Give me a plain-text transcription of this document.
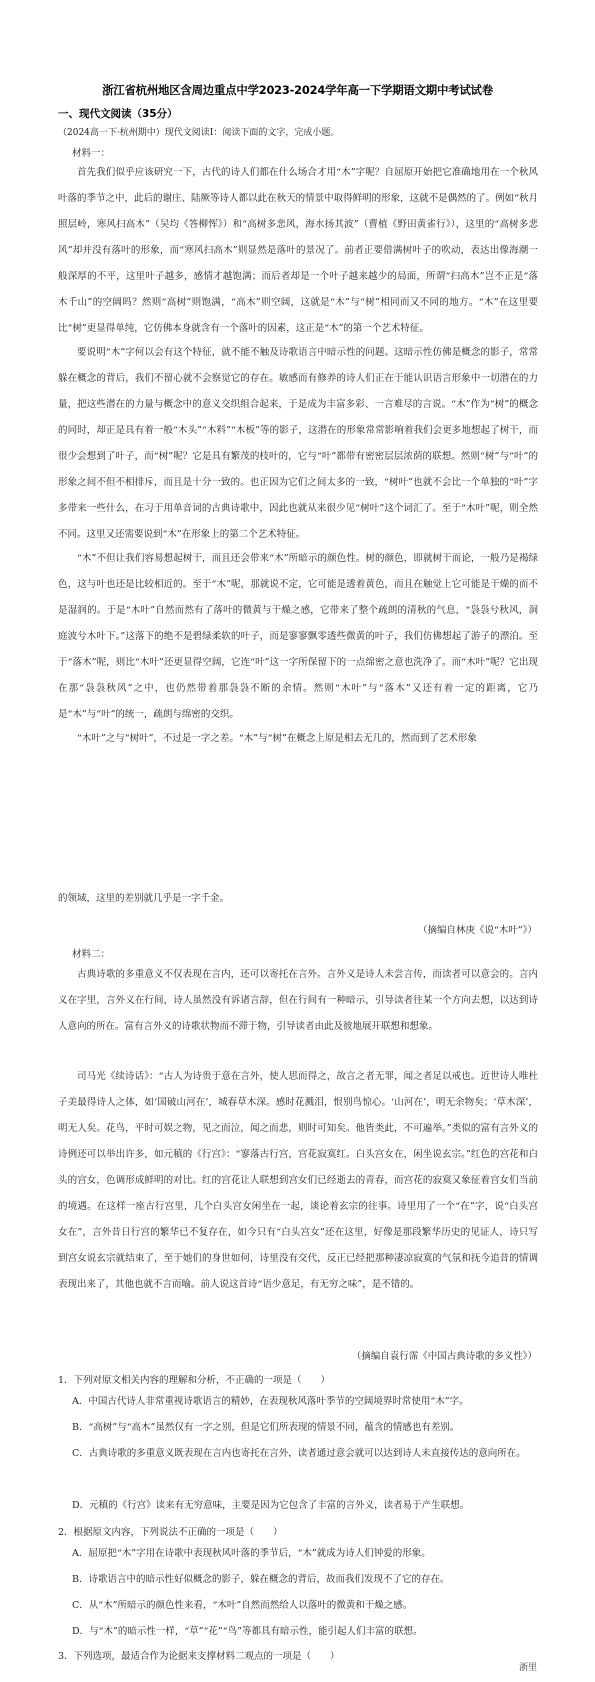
浙江省杭州地区含周边重点中学2023-2024学年高一下学期语文期中考试试卷
一、现代文阅读（35分）
（2024高一下·杭州期中）现代文阅读Ⅰ：阅读下面的文字，完成小题。
材料一：

首先我们似乎应该研究一下，古代的诗人们都在什么场合才用“木”字呢？自屈原开始把它准确地用在一个秋风叶落的季节之中，此后的谢庄、陆厥等诗人都以此在秋天的情景中取得鲜明的形象，这就不是偶然的了。例如“秋月照层岭，寒风扫高木”（吴均《答柳恽》）和“高树多悲风，海水扬其波”（曹植《野田黄雀行》），这里的“高树多悲风”却并没有落叶的形象，而“寒风扫高木”则显然是落叶的景况了。前者正要借满树叶子的吹动，表达出像海潮一般深厚的不平，这里叶子越多，感情才越饱满；而后者却是一个叶子越来越少的局面，所谓“扫高木”岂不正是“落木千山”的空阔吗？然则“高树”则饱满，“高木”则空阔，这就是“木”与“树”相同而又不同的地方。“木”在这里要比“树”更显得单纯，它仿佛本身就含有一个落叶的因素，这正是“木”的第一个艺术特征。

要说明“木”字何以会有这个特征，就不能不触及诗歌语言中暗示性的问题。这暗示性仿佛是概念的影子，常常躲在概念的背后，我们不留心就不会察觉它的存在。敏感而有修养的诗人们正在于能认识语言形象中一切潜在的力量，把这些潜在的力量与概念中的意义交织组合起来，于是成为丰富多彩、一言难尽的言说。“木”作为“树”的概念的同时，却正是具有着一般“木头”“木料”“木板”等的影子，这潜在的形象常常影响着我们会更多地想起了树干，而很少会想到了叶子，而“树”呢？它是具有繁茂的枝叶的，它与“叶”都带有密密层层浓荫的联想。然则“树”与“叶”的形象之间不但不相排斥，而且是十分一致的。也正因为它们之间太多的一致，“树叶”也就不会比一个单独的“叶”字多带来一些什么，在习于用单音词的古典诗歌中，因此也就从来很少见“树叶”这个词汇了。至于“木叶”呢，则全然不同。这里又还需要说到“木”在形象上的第二个艺术特征。

“木”不但让我们容易想起树干，而且还会带来“木”所暗示的颜色性。树的颜色，即就树干而论，一般乃是褐绿色，这与叶也还是比较相近的。至于“木”呢，那就说不定，它可能是透着黄色，而且在触觉上它可能是干燥的而不是湿润的。于是“木叶”自然而然有了落叶的微黄与干燥之感，它带来了整个疏朗的清秋的气息，“袅袅兮秋风，洞庭波兮木叶下。”这落下的绝不是碧绿柔软的叶子，而是寥寥飘零透些微黄的叶子，我们仿佛想起了游子的漂泊。至于“落木”呢，则比“木叶”还更显得空阔，它连“叶”这一字所保留下的一点绵密之意也洗净了。而“木叶”呢？它出现在那“袅袅秋风”之中，也仍然带着那袅袅不断的余情。然则“木叶”与“落木”又还有着一定的距离，它乃是“木”与“叶”的统一，疏朗与绵密的交织。

“木叶”之与“树叶”，不过是一字之差。“木”与“树”在概念上原是相去无几的，然而到了艺术形象

的领域，这里的差别就几乎是一字千金。

（摘编自林庚《说“木叶”》）
材料二：

古典诗歌的多重意义不仅表现在言内，还可以寄托在言外。言外义是诗人未尝言传，而读者可以意会的。言内义在字里，言外义在行间，诗人虽然没有诉诸言辞，但在行间有一种暗示，引导读者往某一个方向去想，以达到诗人意向的所在。富有言外义的诗歌状物而不滞于物，引导读者由此及彼地展开联想和想象。

司马光《续诗话》：“古人为诗贵于意在言外，使人思而得之，故言之者无罪，闻之者足以戒也。近世诗人唯杜子美最得诗人之体，如‘国破山河在’，城春草木深。感时花溅泪，恨别鸟惊心。‘山河在’，明无余物矣；‘草木深’，明无人矣。花鸟，平时可娱之物，见之而泣，闻之而悲，则时可知矣。他皆类此，不可遍举。”类似的富有言外义的诗例还可以举出许多，如元稹的《行宫》：“寥落古行宫，宫花寂寞红。白头宫女在，闲坐说玄宗。”红色的宫花和白头的宫女，色调形成鲜明的对比。红的宫花让人联想到宫女们已经逝去的青春，而宫花的寂寞又象征着宫女们当前的境遇。在这样一座古行宫里，几个白头宫女闲坐在一起，谈论着玄宗的往事。诗里用了一个“在”字，说“白头宫女在”，言外昔日行宫的繁华已不复存在，如今只有“白头宫女”还在这里，好像是那段繁华历史的见证人，诗只写到宫女说玄宗就结束了，至于她们的身世如何，诗里没有交代，反正已经把那种凄凉寂寞的气氛和抚今追昔的情调表现出来了，其他也就不言而喻。前人说这首诗“语少意足，有无穷之味”，是不错的。

（摘编自袁行霈《中国古典诗歌的多义性》）
1．下列对原文相关内容的理解和分析，不正确的一项是（　　）

A．中国古代诗人非常重视诗歌语言的精妙，在表现秋风落叶季节的空阔境界时常使用“木”字。

B．“高树”与“高木”虽然仅有一字之别，但是它们所表现的情景不同，蕴含的情感也有差别。

C．古典诗歌的多重意义既表现在言内也寄托在言外，读者通过意会就可以达到诗人未直接传达的意向所在。

D．元稹的《行宫》读来有无穷意味，主要是因为它包含了丰富的言外义，读者易于产生联想。

2．根据原文内容，下列说法不正确的一项是（　　）

A．屈原把“木”字用在诗歌中表现秋风叶落的季节后，“木”就成为诗人们钟爱的形象。

B．诗歌语言中的暗示性好似概念的影子，躲在概念的背后，故而我们发现不了它的存在。

C．从“木”所暗示的颜色性来看，“木叶”自然而然给人以落叶的微黄和干燥之感。

D．与“木”的暗示性一样，“草”“花”“鸟”等都具有暗示性，能引起人们丰富的联想。

3．下列选项，最适合作为论据来支撑材料二观点的一项是（　　）
浙里
